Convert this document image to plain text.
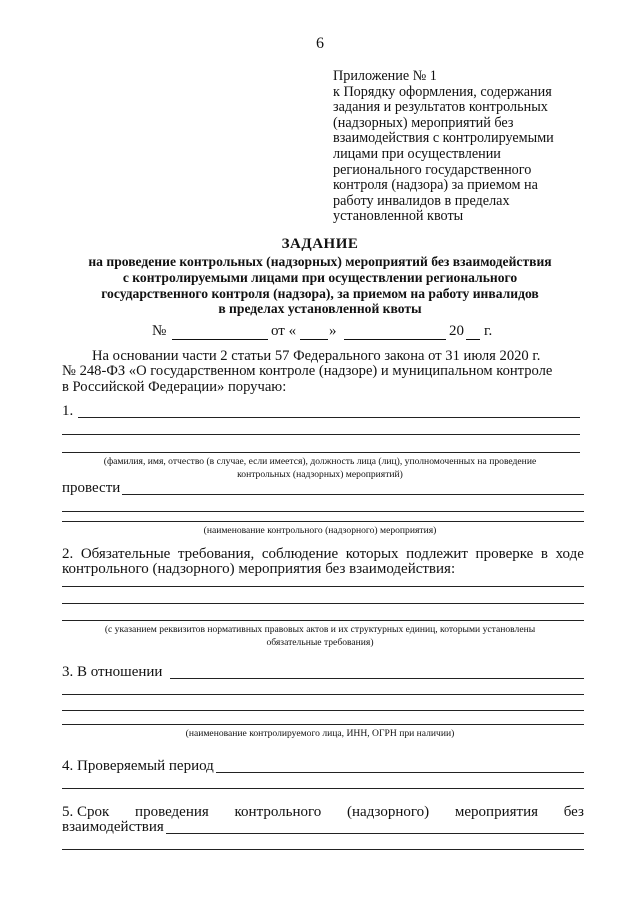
6
Приложение № 1
к Порядку оформления, содержания
задания и результатов контрольных
(надзорных) мероприятий без
взаимодействия с контролируемыми
лицами при осуществлении
регионального государственного
контроля (надзора) за приемом на
работу инвалидов в пределах
установленной квоты
ЗАДАНИЕ
на проведение контрольных (надзорных) мероприятий без взаимодействия
с контролируемыми лицами при осуществлении регионального
государственного контроля (надзора), за приемом на работу инвалидов
в пределах установленной квоты
№	от « »	20 г.
На основании части 2 статьи 57 Федерального закона от 31 июля 2020 г.
№ 248-ФЗ «О государственном контроле (надзоре) и муниципальном контроле
в Российской Федерации» поручаю:
1.
(фамилия, имя, отчество (в случае, если имеется), должность лица (лиц), уполномоченных на проведение
контрольных (надзорных) мероприятий)
провести
(наименование контрольного (надзорного) мероприятия)
2. Обязательные требования, соблюдение которых подлежит проверке в ходе
контрольного (надзорного) мероприятия без взаимодействия:
(с указанием реквизитов нормативных правовых актов и их структурных единиц, которыми установлены
обязательные требования)
3. В отношении
(наименование контролируемого лица, ИНН, ОГРН при наличии)
4. Проверяемый период
5. Срок проведения контрольного (надзорного) мероприятия без
взаимодействия
